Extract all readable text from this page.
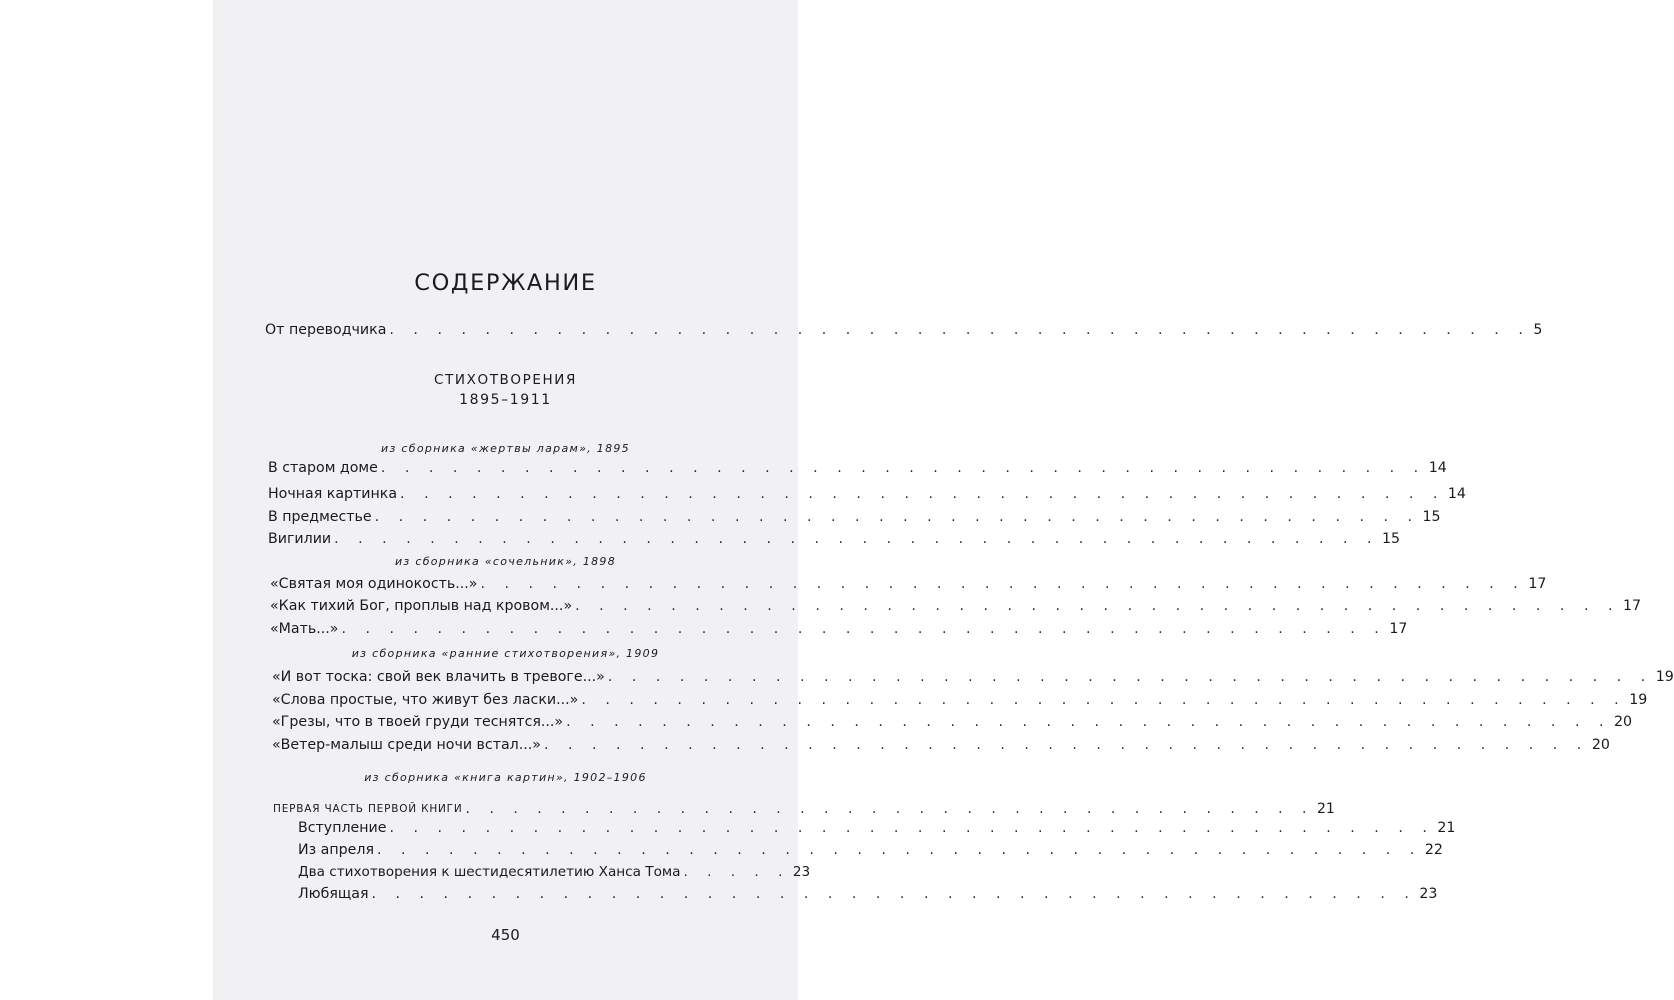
СОДЕРЖАНИЕ
От переводчика . . . . . . . . . . . . . . . . . . . . . . . . . . . . . . . . . . . . . . . . . . . . . . . . 5
СТИХОТВОРЕНИЯ
1895–1911
из сборника «жертвы ларам», 1895
В старом доме . . . . . . . . . . . . . . . . . . . . . . . . . . . . . . . . . . . . . . . . . . . . 14
Ночная картинка . . . . . . . . . . . . . . . . . . . . . . . . . . . . . . . . . . . . . . . . . . . . 14
В предместье . . . . . . . . . . . . . . . . . . . . . . . . . . . . . . . . . . . . . . . . . . . . 15
Вигилии . . . . . . . . . . . . . . . . . . . . . . . . . . . . . . . . . . . . . . . . . . . . 15
из сборника «сочельник», 1898
«Святая моя одинокость...» . . . . . . . . . . . . . . . . . . . . . . . . . . . . . . . . . . . . . . . . . . . . 17
«Как тихий Бог, проплыв над кровом...» . . . . . . . . . . . . . . . . . . . . . . . . . . . . . . . . . . . . . . . . . . . . 17
«Мать...» . . . . . . . . . . . . . . . . . . . . . . . . . . . . . . . . . . . . . . . . . . . . 17
из сборника «ранние стихотворения», 1909
«И вот тоска: свой век влачить в тревоге...» . . . . . . . . . . . . . . . . . . . . . . . . . . . . . . . . . . . . . . . . . . . . 19
«Слова простые, что живут без ласки...» . . . . . . . . . . . . . . . . . . . . . . . . . . . . . . . . . . . . . . . . . . . . 19
«Грезы, что в твоей груди теснятся...» . . . . . . . . . . . . . . . . . . . . . . . . . . . . . . . . . . . . . . . . . . . . 20
«Ветер-малыш среди ночи встал...» . . . . . . . . . . . . . . . . . . . . . . . . . . . . . . . . . . . . . . . . . . . . 20
из сборника «книга картин», 1902–1906
ПЕРВАЯ ЧАСТЬ ПЕРВОЙ КНИГИ . . . . . . . . . . . . . . . . . . . . . . . . . . . . . . . . . . . . 21
Вступление . . . . . . . . . . . . . . . . . . . . . . . . . . . . . . . . . . . . . . . . . . . . 21
Из апреля . . . . . . . . . . . . . . . . . . . . . . . . . . . . . . . . . . . . . . . . . . . . 22
Два стихотворения к шестидесятилетию Ханса Тома . . . . . 23
Любящая . . . . . . . . . . . . . . . . . . . . . . . . . . . . . . . . . . . . . . . . . . . . 23
450
